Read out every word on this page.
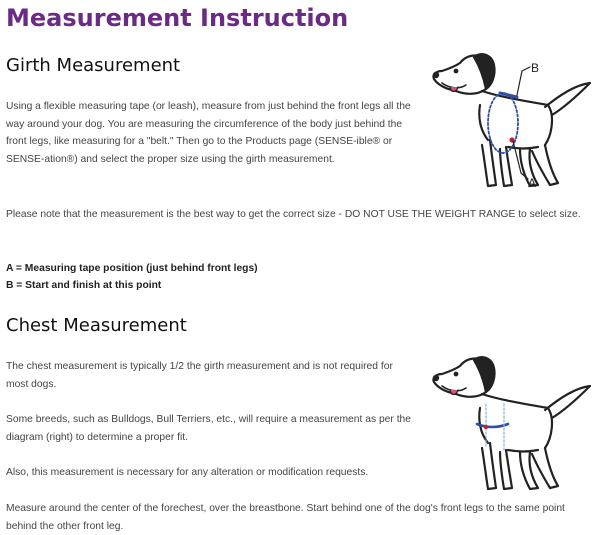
Measurement Instruction
Girth Measurement

Using a flexible measuring tape (or leash), measure from just behind the front legs all the way around your dog. You are measuring the circumference of the body just behind the front legs, like measuring for a "belt." Then go to the Products page (SENSE-ible® or SENSE-ation®) and select the proper size using the girth measurement.

Please note that the measurement is the best way to get the correct size - DO NOT USE THE WEIGHT RANGE to select size.

A = Measuring tape position (just behind front legs)

B = Start and finish at this point

B
A
Chest Measurement

The chest measurement is typically 1/2 the girth measurement and is not required for most dogs.

Some breeds, such as Bulldogs, Bull Terriers, etc., will require a measurement as per the diagram (right) to determine a proper fit.

Also, this measurement is necessary for any alteration or modification requests.

Measure around the center of the forechest, over the breastbone. Start behind one of the dog's front legs to the same point behind the other front leg.
